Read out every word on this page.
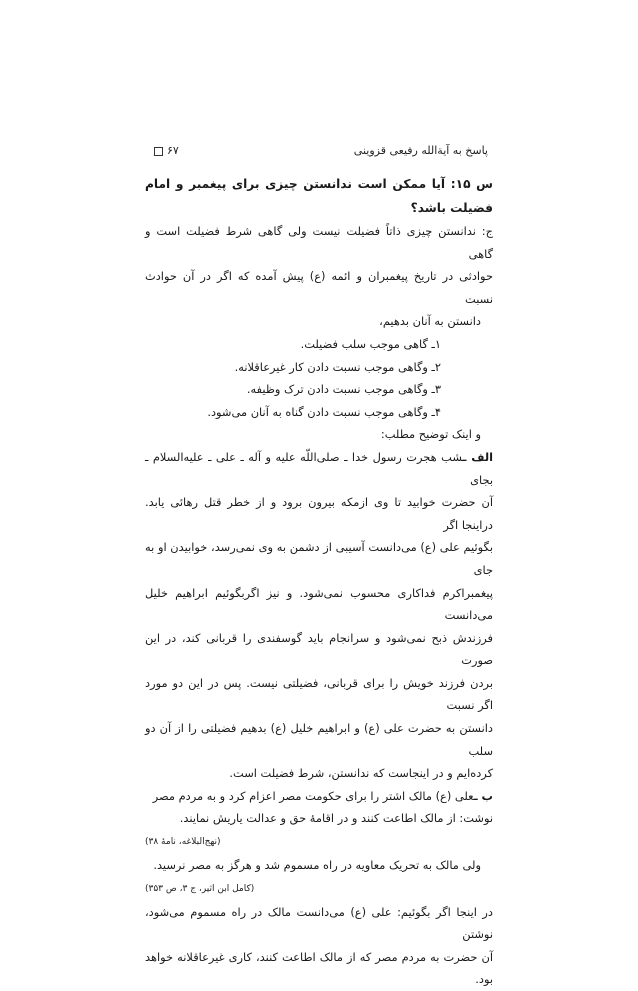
پاسخ به آیةالله رفیعی قزوینی
۶۷

س ۱۵: آیا ممکن است ندانستن چیزی برای پیغمبر و امام فضیلت باشد؟

ج: ندانستن چیزی ذاتاً فضیلت نیست ولی گاهی شرط فضیلت است و گاهی

حوادثی در تاریخ پیغمبران و ائمه (ع) پیش آمده که اگر در آن حوادث نسبت

دانستن به آنان بدهیم،

۱ـ گاهی موجب سلب فضیلت.

۲ـ وگاهی موجب نسبت دادن کار غیرعاقلانه.

۳ـ وگاهی موجب نسبت دادن ترک وظیفه.

۴ـ وگاهی موجب نسبت دادن گناه به آنان می‌شود.

و اینک توضیح مطلب:

الف ـشب هجرت رسول خدا ـ صلی‌اللّه علیه و آله ـ علی ـ علیه‌السلام ـ بجای

آن حضرت خوابید تا وی ازمکه بیرون برود و از خطر قتل رهائی یابد. دراینجا اگر

بگوئیم علی (ع) می‌دانست آسیبی از دشمن به وی نمی‌رسد، خوابیدن او به جای

پیغمبراکرم فداکاری محسوب نمی‌شود. و نیز اگربگوئیم ابراهیم خلیل می‌دانست

فرزندش ذبح نمی‌شود و سرانجام باید گوسفندی را قربانی کند، در این صورت

بردن فرزند خویش را برای قربانی، فضیلتی نیست. پس در این دو مورد اگر نسبت

دانستن به حضرت علی (ع) و ابراهیم خلیل (ع) بدهیم فضیلتی را از آن دو سلب

کرده‌ایم و در اینجاست که ندانستن، شرط فضیلت است.

ب ـعلی (ع) مالک اشتر را برای حکومت مصر اعزام کرد و به مردم مصر

نوشت: از مالک اطاعت کنند و در اقامهٔ حق و عدالت یاریش نمایند.

(نهج‌البلاغه، نامهٔ ۳۸)

ولی مالک به تحریک معاویه در راه مسموم شد و هرگز به مصر نرسید.

(کامل ابن اثیر، ج ۳، ص ۳۵۳)

در اینجا اگر بگوئیم: علی (ع) می‌دانست مالک در راه مسموم می‌شود، نوشتن

آن حضرت به مردم مصر که از مالک اطاعت کنند، کاری غیرعاقلانه خواهد بود.
